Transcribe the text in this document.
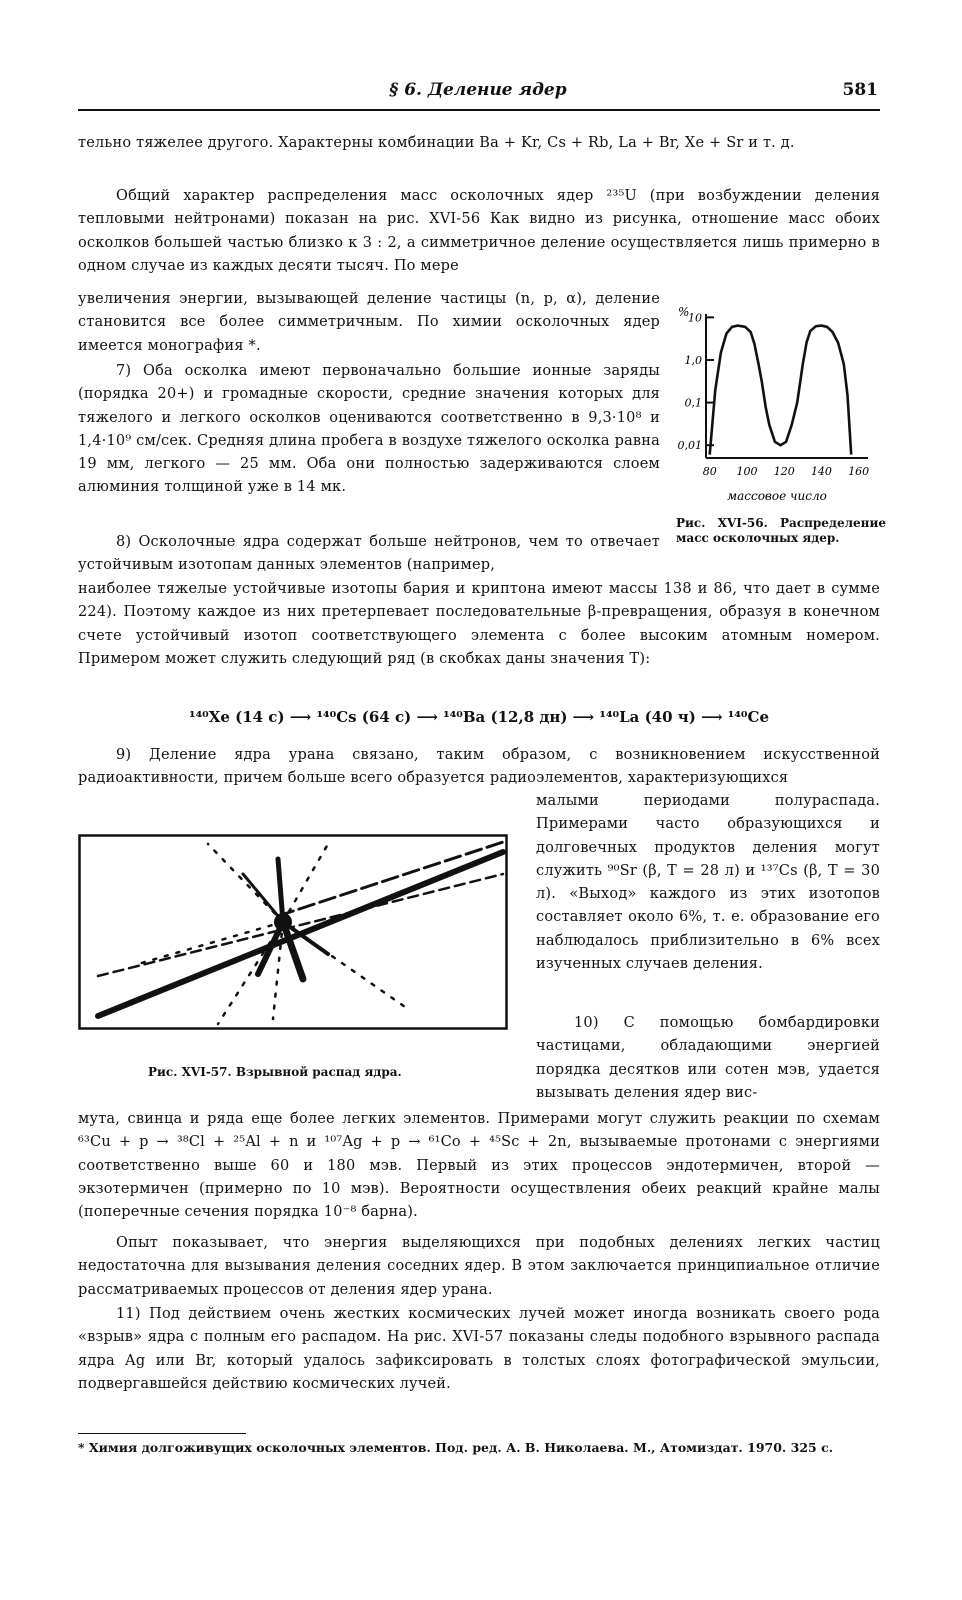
§ 6. Деление ядер	581
тельно тяжелее другого. Характерны комбинации Ba + Kr, Cs + Rb, La + Br, Xe + Sr и т. д.
Общий характер распределения масс осколочных ядер ²³⁵U (при возбуждении деления тепловыми нейтронами) показан на рис. XVI-56 Как видно из рисунка, отношение масс обоих осколков большей частью близко к 3 : 2, а симметричное деление осуществляется лишь примерно в одном случае из каждых десяти тысяч. По мере
увеличения энергии, вызывающей деление частицы (n, p, α), деление становится все более симметричным. По химии осколочных ядер имеется монография *.
7) Оба осколка имеют первоначально большие ионные заряды (порядка 20+) и громадные скорости, средние значения которых для тяжелого и легкого осколков оцениваются соответственно в 9,3·10⁸ и 1,4·10⁹ см/сек. Средняя длина пробега в воздухе тяжелого осколка равна 19 мм, легкого — 25 мм. Оба они полностью задерживаются слоем алюминия толщиной уже в 14 мк.
8) Осколочные ядра содержат больше нейтронов, чем то отвечает устойчивым изотопам данных элементов (например,
наиболее тяжелые устойчивые изотопы бария и криптона имеют массы 138 и 86, что дает в сумме 224). Поэтому каждое из них претерпевает последовательные β-превращения, образуя в конечном счете устойчивый изотоп соответствующего элемента с более высоким атомным номером. Примером может служить следующий ряд (в скобках даны значения T):
%
10
1,0
0,1
0,01
80 100 120 140 160
массовое число
Рис. XVI-56. Распределение масс осколочных ядер.
¹⁴⁰Xe (14 с) ⟶ ¹⁴⁰Cs (64 с) ⟶ ¹⁴⁰Ba (12,8 дн) ⟶ ¹⁴⁰La (40 ч) ⟶ ¹⁴⁰Ce
9) Деление ядра урана связано, таким образом, с возникновением искусственной радиоактивности, причем больше всего образуется радиоэлементов, характеризующихся
малыми периодами полураспада. Примерами часто образующихся и долговечных продуктов деления могут служить ⁹⁰Sr (β, T = 28 л) и ¹³⁷Cs (β, T = 30 л). «Выход» каждого из этих изотопов составляет около 6%, т. е. образование его наблюдалось приблизительно в 6% всех изученных случаев деления.
10) С помощью бомбардировки частицами, обладающими энергией порядка десятков или сотен мэв, удается вызывать деления ядер вис-
мута, свинца и ряда еще более легких элементов. Примерами могут служить реакции по схемам ⁶³Cu + p → ³⁸Cl + ²⁵Al + n и ¹⁰⁷Ag + p → ⁶¹Co + ⁴⁵Sc + 2n, вызываемые протонами с энергиями соответственно выше 60 и 180 мэв. Первый из этих процессов эндотермичен, второй — экзотермичен (примерно по 10 мэв). Вероятности осуществления обеих реакций крайне малы (поперечные сечения порядка 10⁻⁸ барна).
Рис. XVI-57. Взрывной распад ядра.
Опыт показывает, что энергия выделяющихся при подобных делениях легких частиц недостаточна для вызывания деления соседних ядер. В этом заключается принципиальное отличие рассматриваемых процессов от деления ядер урана.
11) Под действием очень жестких космических лучей может иногда возникать своего рода «взрыв» ядра с полным его распадом. На рис. XVI-57 показаны следы подобного взрывного распада ядра Ag или Br, который удалось зафиксировать в толстых слоях фотографической эмульсии, подвергавшейся действию космических лучей.
* Химия долгоживущих осколочных элементов. Под. ред. А. В. Николаева. М., Атомиздат. 1970. 325 с.
